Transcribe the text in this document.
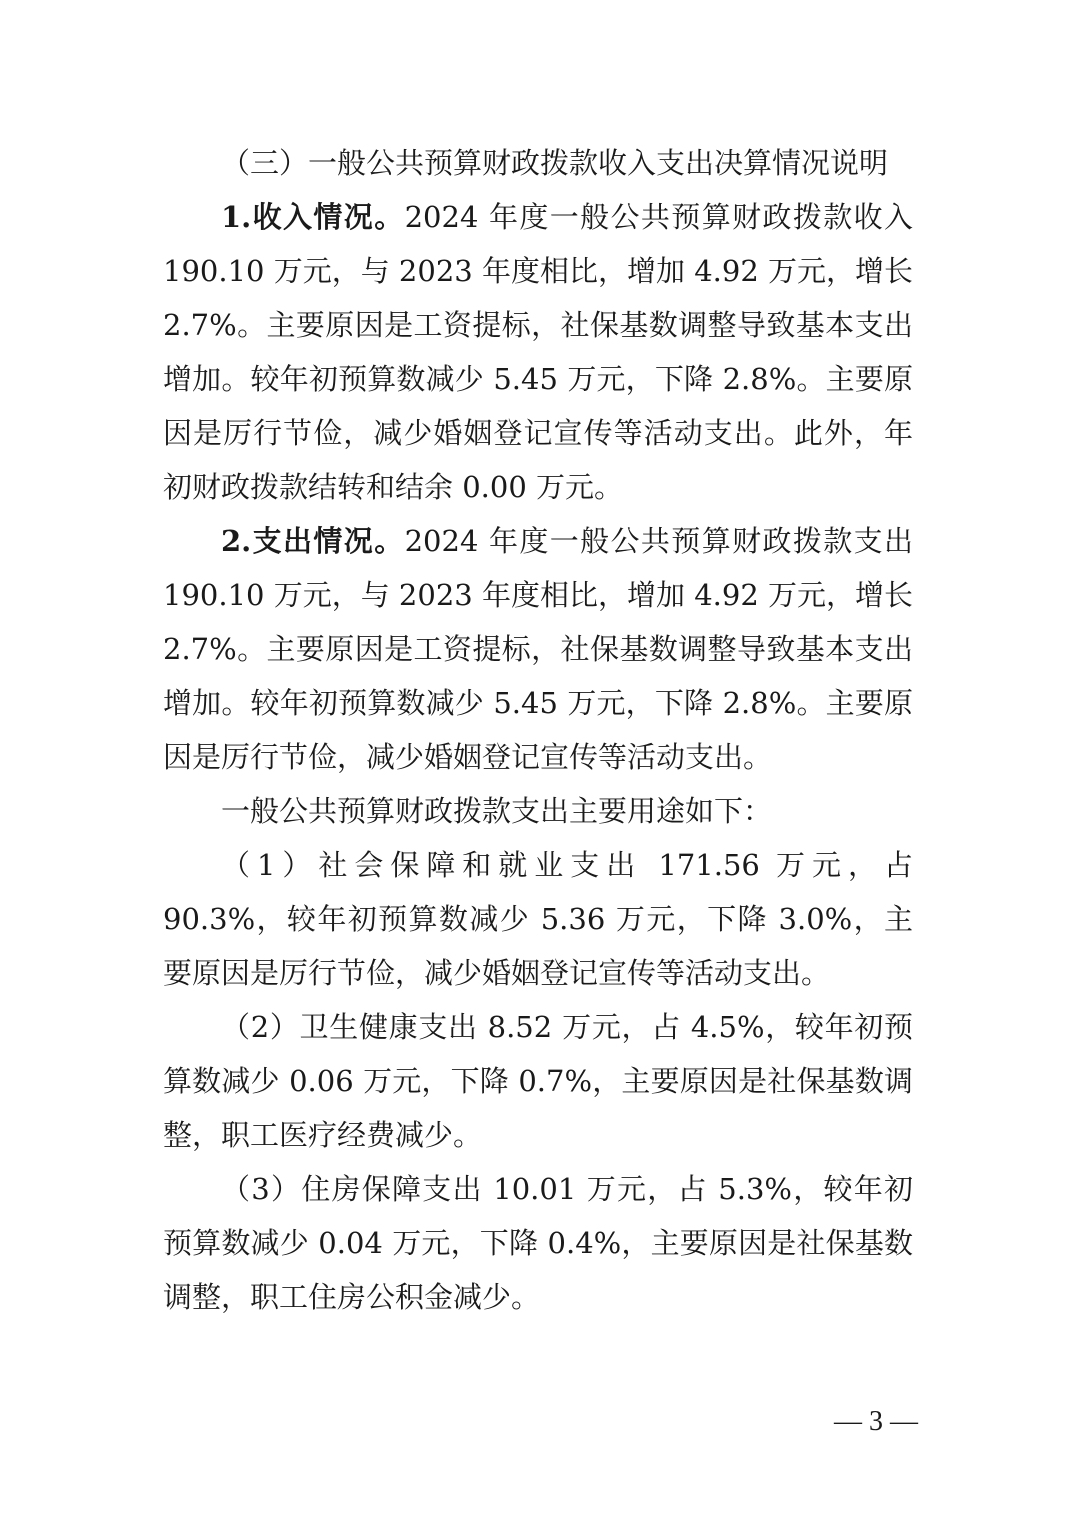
（三）一般公共预算财政拨款收入支出决算情况说明

1.收入情况。2024 年度一般公共预算财政拨款收入 190.10 万元，与 2023 年度相比，增加 4.92 万元，增长 2.7%。主要原因是工资提标，社保基数调整导致基本支出增加。较年初预算数减少 5.45 万元，下降 2.8%。主要原因是厉行节俭，减少婚姻登记宣传等活动支出。此外，年初财政拨款结转和结余 0.00 万元。

2.支出情况。2024 年度一般公共预算财政拨款支出 190.10 万元，与 2023 年度相比，增加 4.92 万元，增长 2.7%。主要原因是工资提标，社保基数调整导致基本支出增加。较年初预算数减少 5.45 万元，下降 2.8%。主要原因是厉行节俭，减少婚姻登记宣传等活动支出。

一般公共预算财政拨款支出主要用途如下：

（1）社会保障和就业支出 171.56 万元，占 90.3%，较年初预算数减少 5.36 万元，下降 3.0%，主要原因是厉行节俭，减少婚姻登记宣传等活动支出。

（2）卫生健康支出 8.52 万元，占 4.5%，较年初预算数减少 0.06 万元，下降 0.7%，主要原因是社保基数调整，职工医疗经费减少。

（3）住房保障支出 10.01 万元，占 5.3%，较年初预算数减少 0.04 万元，下降 0.4%，主要原因是社保基数调整，职工住房公积金减少。

— 3 —
